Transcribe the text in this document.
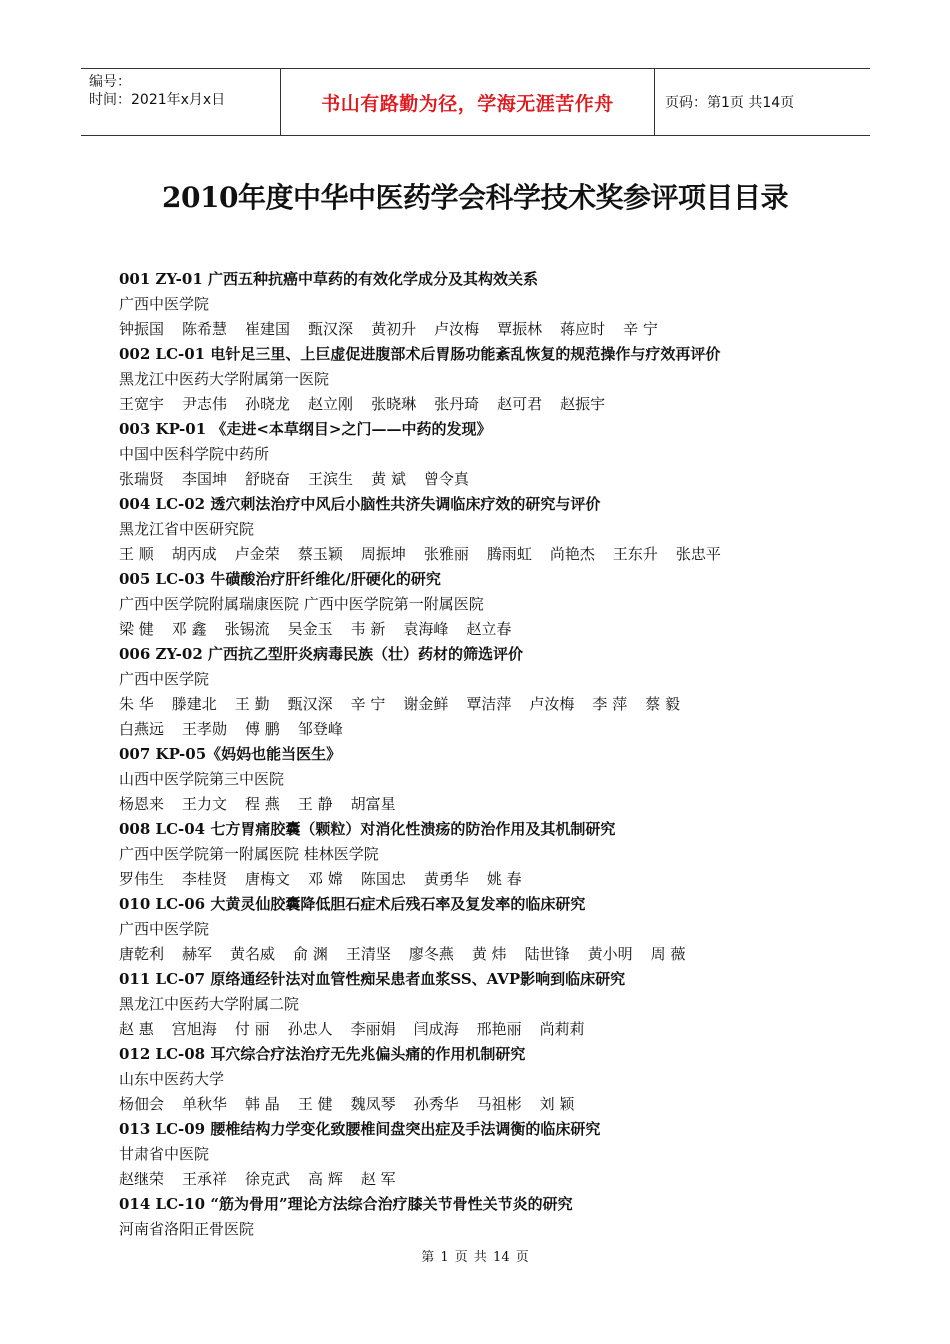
编号：
时间：2021年x月x日	书山有路勤为径，学海无涯苦作舟	页码：第1页 共14页
2010年度中华中医药学会科学技术奖参评项目目录
001 ZY-01 广西五种抗癌中草药的有效化学成分及其构效关系
广西中医学院
钟振国 陈希慧 崔建国 甄汉深 黄初升 卢汝梅 覃振林 蒋应时 辛 宁
002 LC-01 电针足三里、上巨虚促进腹部术后胃肠功能紊乱恢复的规范操作与疗效再评价
黑龙江中医药大学附属第一医院
王宽宇 尹志伟 孙晓龙 赵立刚 张晓琳 张丹琦 赵可君 赵振宇
003 KP-01 《走进<本草纲目>之门——中药的发现》
中国中医科学院中药所
张瑞贤 李国坤 舒晓奋 王滨生 黄 斌 曾令真
004 LC-02 透穴刺法治疗中风后小脑性共济失调临床疗效的研究与评价
黑龙江省中医研究院
王 顺 胡丙成 卢金荣 蔡玉颖 周振坤 张雅丽 腾雨虹 尚艳杰 王东升 张忠平
005 LC-03 牛磺酸治疗肝纤维化/肝硬化的研究
广西中医学院附属瑞康医院 广西中医学院第一附属医院
梁 健 邓 鑫 张锡流 吴金玉 韦 新 袁海峰 赵立春
006 ZY-02 广西抗乙型肝炎病毒民族（壮）药材的筛选评价
广西中医学院
朱 华 滕建北 王 勤 甄汉深 辛 宁 谢金鲜 覃洁萍 卢汝梅 李 萍 蔡 毅
白燕远 王孝勋 傅 鹏 邹登峰
007 KP-05《妈妈也能当医生》
山西中医学院第三中医院
杨恩来 王力文 程 燕 王 静 胡富星
008 LC-04 七方胃痛胶囊（颗粒）对消化性溃疡的防治作用及其机制研究
广西中医学院第一附属医院 桂林医学院
罗伟生 李桂贤 唐梅文 邓 嫦 陈国忠 黄勇华 姚 春
010 LC-06 大黄灵仙胶囊降低胆石症术后残石率及复发率的临床研究
广西中医学院
唐乾利 赫军 黄名威 俞 渊 王清坚 廖冬燕 黄 炜 陆世锋 黄小明 周 薇
011 LC-07 原络通经针法对血管性痴呆患者血浆SS、AVP影响到临床研究
黑龙江中医药大学附属二院
赵 惠 宫旭海 付 丽 孙忠人 李丽娟 闫成海 邢艳丽 尚莉莉
012 LC-08 耳穴综合疗法治疗无先兆偏头痛的作用机制研究
山东中医药大学
杨佃会 单秋华 韩 晶 王 健 魏凤琴 孙秀华 马祖彬 刘 颖
013 LC-09 腰椎结构力学变化致腰椎间盘突出症及手法调衡的临床研究
甘肃省中医院
赵继荣 王承祥 徐克武 高 辉 赵 军
014 LC-10 “筋为骨用”理论方法综合治疗膝关节骨性关节炎的研究
河南省洛阳正骨医院
第 1 页 共 14 页
